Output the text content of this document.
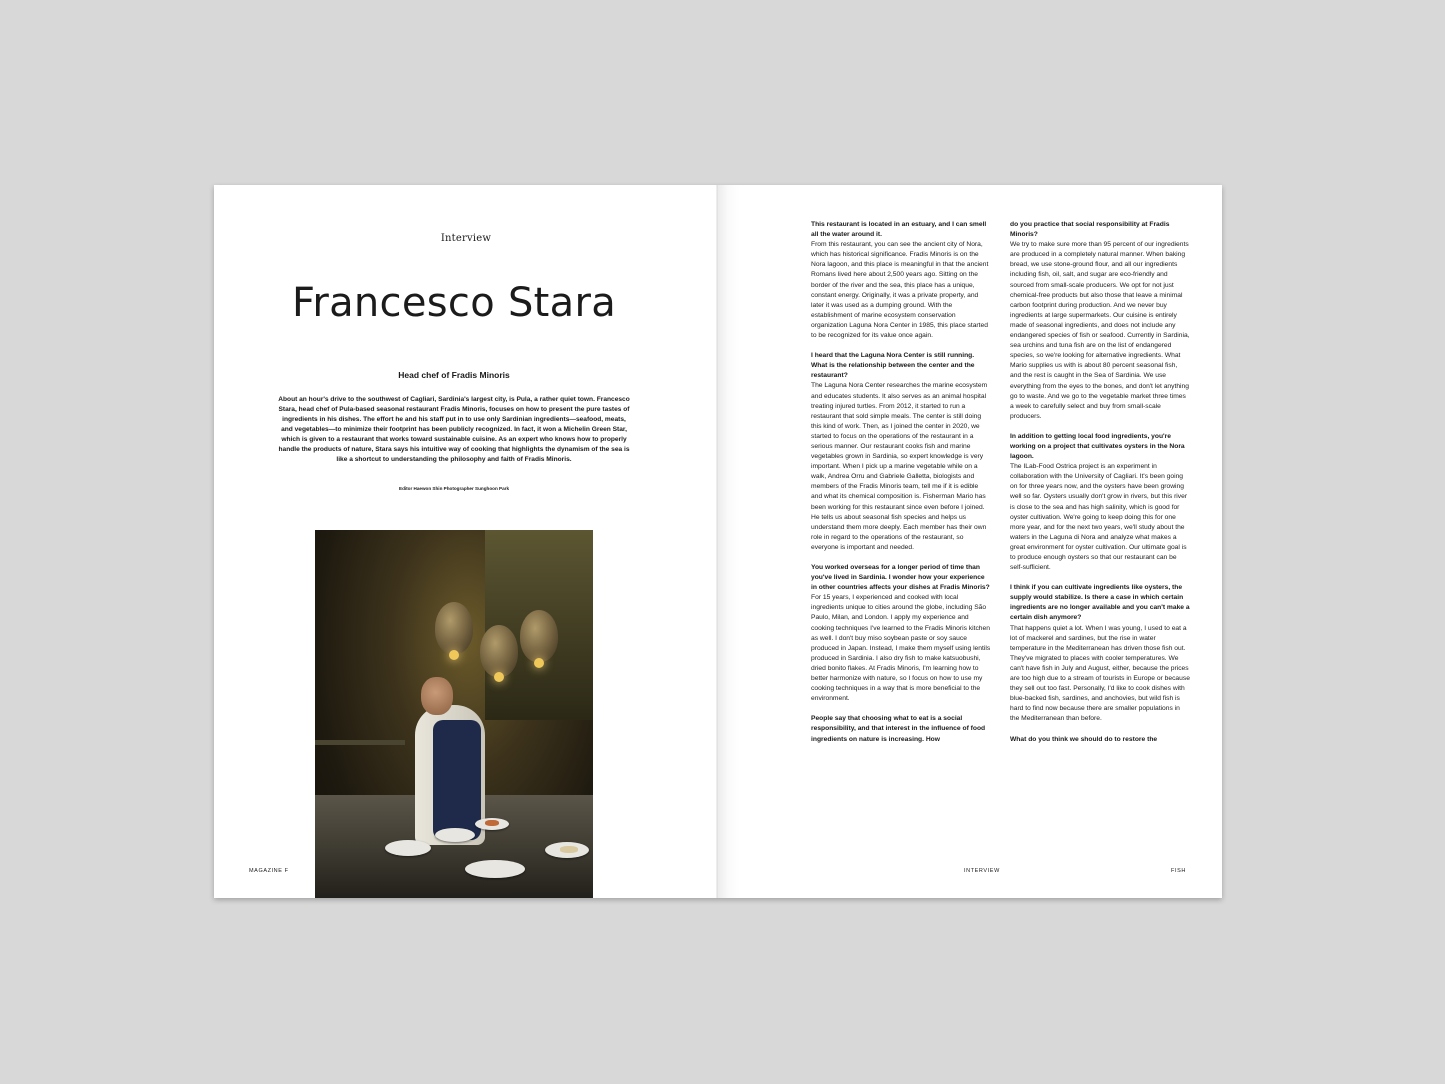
Interview
Francesco Stara
Head chef of Fradis Minoris
About an hour's drive to the southwest of Cagliari, Sardinia's largest city, is Pula, a rather quiet town. Francesco Stara, head chef of Pula-based seasonal restaurant Fradis Minoris, focuses on how to present the pure tastes of ingredients in his dishes. The effort he and his staff put in to use only Sardinian ingredients—seafood, meats, and vegetables—to minimize their footprint has been publicly recognized. In fact, it won a Michelin Green Star, which is given to a restaurant that works toward sustainable cuisine. As an expert who knows how to properly handle the products of nature, Stara says his intuitive way of cooking that highlights the dynamism of the sea is like a shortcut to understanding the philosophy and faith of Fradis Minoris.
Editor Haewon Shin Photographer Sunghoon Park
MAGAZINE F

This restaurant is located in an estuary, and I can smell all the water around it.

From this restaurant, you can see the ancient city of Nora, which has historical significance. Fradis Minoris is on the Nora lagoon, and this place is meaningful in that the ancient Romans lived here about 2,500 years ago. Sitting on the border of the river and the sea, this place has a unique, constant energy. Originally, it was a private property, and later it was used as a dumping ground. With the establishment of marine ecosystem conservation organization Laguna Nora Center in 1985, this place started to be recognized for its value once again.

I heard that the Laguna Nora Center is still running. What is the relationship between the center and the restaurant?

The Laguna Nora Center researches the marine ecosystem and educates students. It also serves as an animal hospital treating injured turtles. From 2012, it started to run a restaurant that sold simple meals. The center is still doing this kind of work. Then, as I joined the center in 2020, we started to focus on the operations of the restaurant in a serious manner. Our restaurant cooks fish and marine vegetables grown in Sardinia, so expert knowledge is very important. When I pick up a marine vegetable while on a walk, Andrea Orru and Gabriele Galletta, biologists and members of the Fradis Minoris team, tell me if it is edible and what its chemical composition is. Fisherman Mario has been working for this restaurant since even before I joined. He tells us about seasonal fish species and helps us understand them more deeply. Each member has their own role in regard to the operations of the restaurant, so everyone is important and needed.

You worked overseas for a longer period of time than you've lived in Sardinia. I wonder how your experience in other countries affects your dishes at Fradis Minoris?

For 15 years, I experienced and cooked with local ingredients unique to cities around the globe, including São Paulo, Milan, and London. I apply my experience and cooking techniques I've learned to the Fradis Minoris kitchen as well. I don't buy miso soybean paste or soy sauce produced in Japan. Instead, I make them myself using lentils produced in Sardinia. I also dry fish to make katsuobushi, dried bonito flakes. At Fradis Minoris, I'm learning how to better harmonize with nature, so I focus on how to use my cooking techniques in a way that is more beneficial to the environment.

People say that choosing what to eat is a social responsibility, and that interest in the influence of food ingredients on nature is increasing. How

do you practice that social responsibility at Fradis Minoris?

We try to make sure more than 95 percent of our ingredients are produced in a completely natural manner. When baking bread, we use stone-ground flour, and all our ingredients including fish, oil, salt, and sugar are eco-friendly and sourced from small-scale producers. We opt for not just chemical-free products but also those that leave a minimal carbon footprint during production. And we never buy ingredients at large supermarkets. Our cuisine is entirely made of seasonal ingredients, and does not include any endangered species of fish or seafood. Currently in Sardinia, sea urchins and tuna fish are on the list of endangered species, so we're looking for alternative ingredients. What Mario supplies us with is about 80 percent seasonal fish, and the rest is caught in the Sea of Sardinia. We use everything from the eyes to the bones, and don't let anything go to waste. And we go to the vegetable market three times a week to carefully select and buy from small-scale producers.

In addition to getting local food ingredients, you're working on a project that cultivates oysters in the Nora lagoon.

The ILab-Food Ostrica project is an experiment in collaboration with the University of Cagliari. It's been going on for three years now, and the oysters have been growing well so far. Oysters usually don't grow in rivers, but this river is close to the sea and has high salinity, which is good for oyster cultivation. We're going to keep doing this for one more year, and for the next two years, we'll study about the waters in the Laguna di Nora and analyze what makes a great environment for oyster cultivation. Our ultimate goal is to produce enough oysters so that our restaurant can be self-sufficient.

I think if you can cultivate ingredients like oysters, the supply would stabilize. Is there a case in which certain ingredients are no longer available and you can't make a certain dish anymore?

That happens quiet a lot. When I was young, I used to eat a lot of mackerel and sardines, but the rise in water temperature in the Mediterranean has driven those fish out. They've migrated to places with cooler temperatures. We can't have fish in July and August, either, because the prices are too high due to a stream of tourists in Europe or because they sell out too fast. Personally, I'd like to cook dishes with blue-backed fish, sardines, and anchovies, but wild fish is hard to find now because there are smaller populations in the Mediterranean than before.

What do you think we should do to restore the

INTERVIEW	FISH
